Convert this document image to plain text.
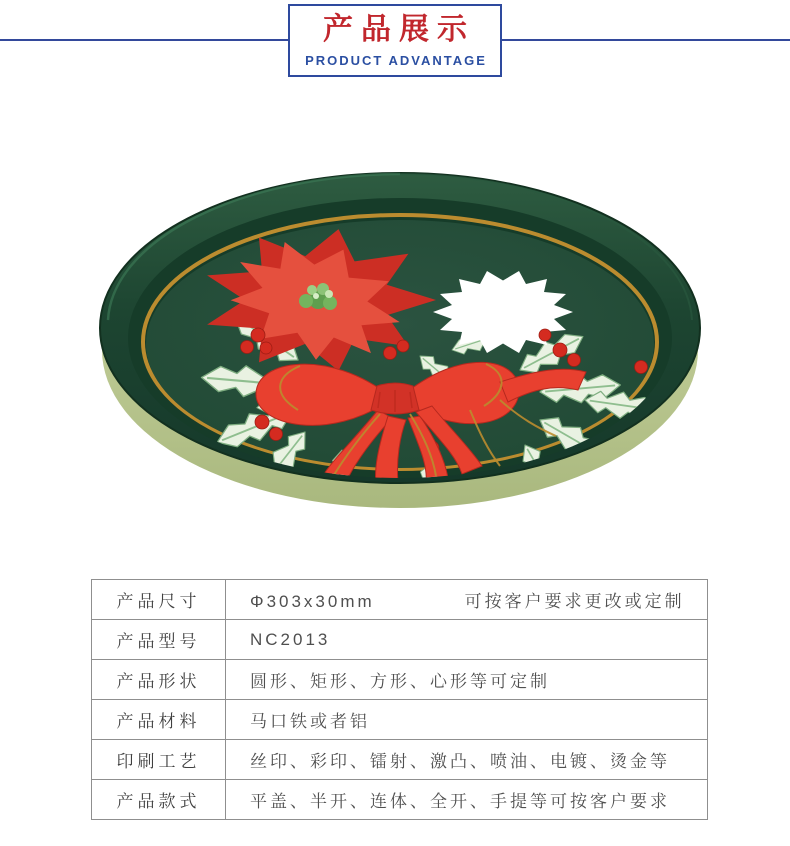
产品展示
PRODUCT ADVANTAGE
产品尺寸	Φ303x30mm 可按客户要求更改或定制
产品型号	NC2013
产品形状	圆形、矩形、方形、心形等可定制
产品材料	马口铁或者铝
印刷工艺	丝印、彩印、镭射、激凸、喷油、电镀、烫金等
产品款式	平盖、半开、连体、全开、手提等可按客户要求
